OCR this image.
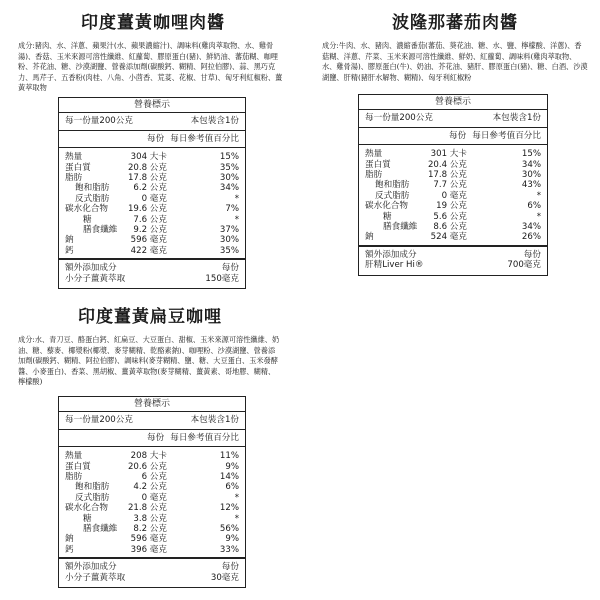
印度薑黃咖哩肉醬

成分:豬肉、水、洋蔥、蘋果汁(水、蘋果濃縮汁)、調味料(雞肉萃取物、水、雞骨湯)、香菇、玉米來源可溶性纖維、紅蘿蔔、膠原蛋白(豬)、鮮奶油、蕃茄糊、咖哩粉、芥花油、糖、沙漠湖鹽、營養添加劑(碳酸鈣、糊精、阿拉伯膠)、蒜、黑巧克力、馬芹子、五香粉(肉桂、八角、小茴香、荒荽、花椒、甘草)、匈牙利紅椒粉、薑黃萃取物

營養標示
每一份量200公克	本包裝含1份
每份 每日參考值百分比
熱量	304 大卡	15%
蛋白質	20.8 公克	35%
脂肪	17.8 公克	30%
飽和脂肪	6.2 公克	34%
反式脂肪	0 毫克	*
碳水化合物	19.6 公克	7%
糖	7.6 公克	*
膳食纖維	9.2 公克	37%
鈉	596 毫克	30%
鈣	422 毫克	35%
額外添加成分	每份
小分子薑黃萃取	150毫克
波隆那蕃茄肉醬

成分:牛肉、水、豬肉、濃縮番茄(蕃茄、葵花油、糖、水、鹽、檸檬酸、洋蔥)、香菇糊、洋蔥、芹菜、玉米來源可溶性纖維、鮮奶、紅蘿蔔、調味料(雞肉萃取物、水、雞骨湯)、膠原蛋白(牛)、奶油、芥花油、豬肝、膠原蛋白(豬)、糖、白酒、沙漠湖鹽、肝精(豬肝水解物、糊精)、匈牙利紅椒粉

營養標示
每一份量200公克	本包裝含1份
每份 每日參考值百分比
熱量	301 大卡	15%
蛋白質	20.4 公克	34%
脂肪	17.8 公克	30%
飽和脂肪	7.7 公克	43%
反式脂肪	0 毫克	*
碳水化合物	19 公克	6%
糖	5.6 公克	*
膳食纖維	8.6 公克	34%
鈉	524 毫克	26%
額外添加成分	每份
肝精Liver Hi®	700毫克
印度薑黃扁豆咖哩

成分:水、青刀豆、酪蛋白鈣、紅扁豆、大豆蛋白、甜椒、玉米來源可溶性纖維、奶油、糖、藜麥、椰漿粉(椰漿、麥芽糊精、乾酪素鈉)、咖哩粉、沙漠湖鹽、營養添加劑(碳酸鈣、糊精、阿拉伯膠)、調味料(麥芽糊精、鹽、糖、大豆蛋白、玉米發酵醬、小麥蛋白)、香菜、黑胡椒、薑黃萃取物(麥芽糊精、薑黃素、哥地膠、糊精、檸檬酸)

營養標示
每一份量200公克	本包裝含1份
每份 每日參考值百分比
熱量	208 大卡	11%
蛋白質	20.6 公克	9%
脂肪	6 公克	14%
飽和脂肪	4.2 公克	6%
反式脂肪	0 毫克	*
碳水化合物	21.8 公克	12%
糖	3.8 公克	*
膳食纖維	8.2 公克	56%
鈉	596 毫克	9%
鈣	396 毫克	33%
額外添加成分	每份
小分子薑黃萃取	30毫克
